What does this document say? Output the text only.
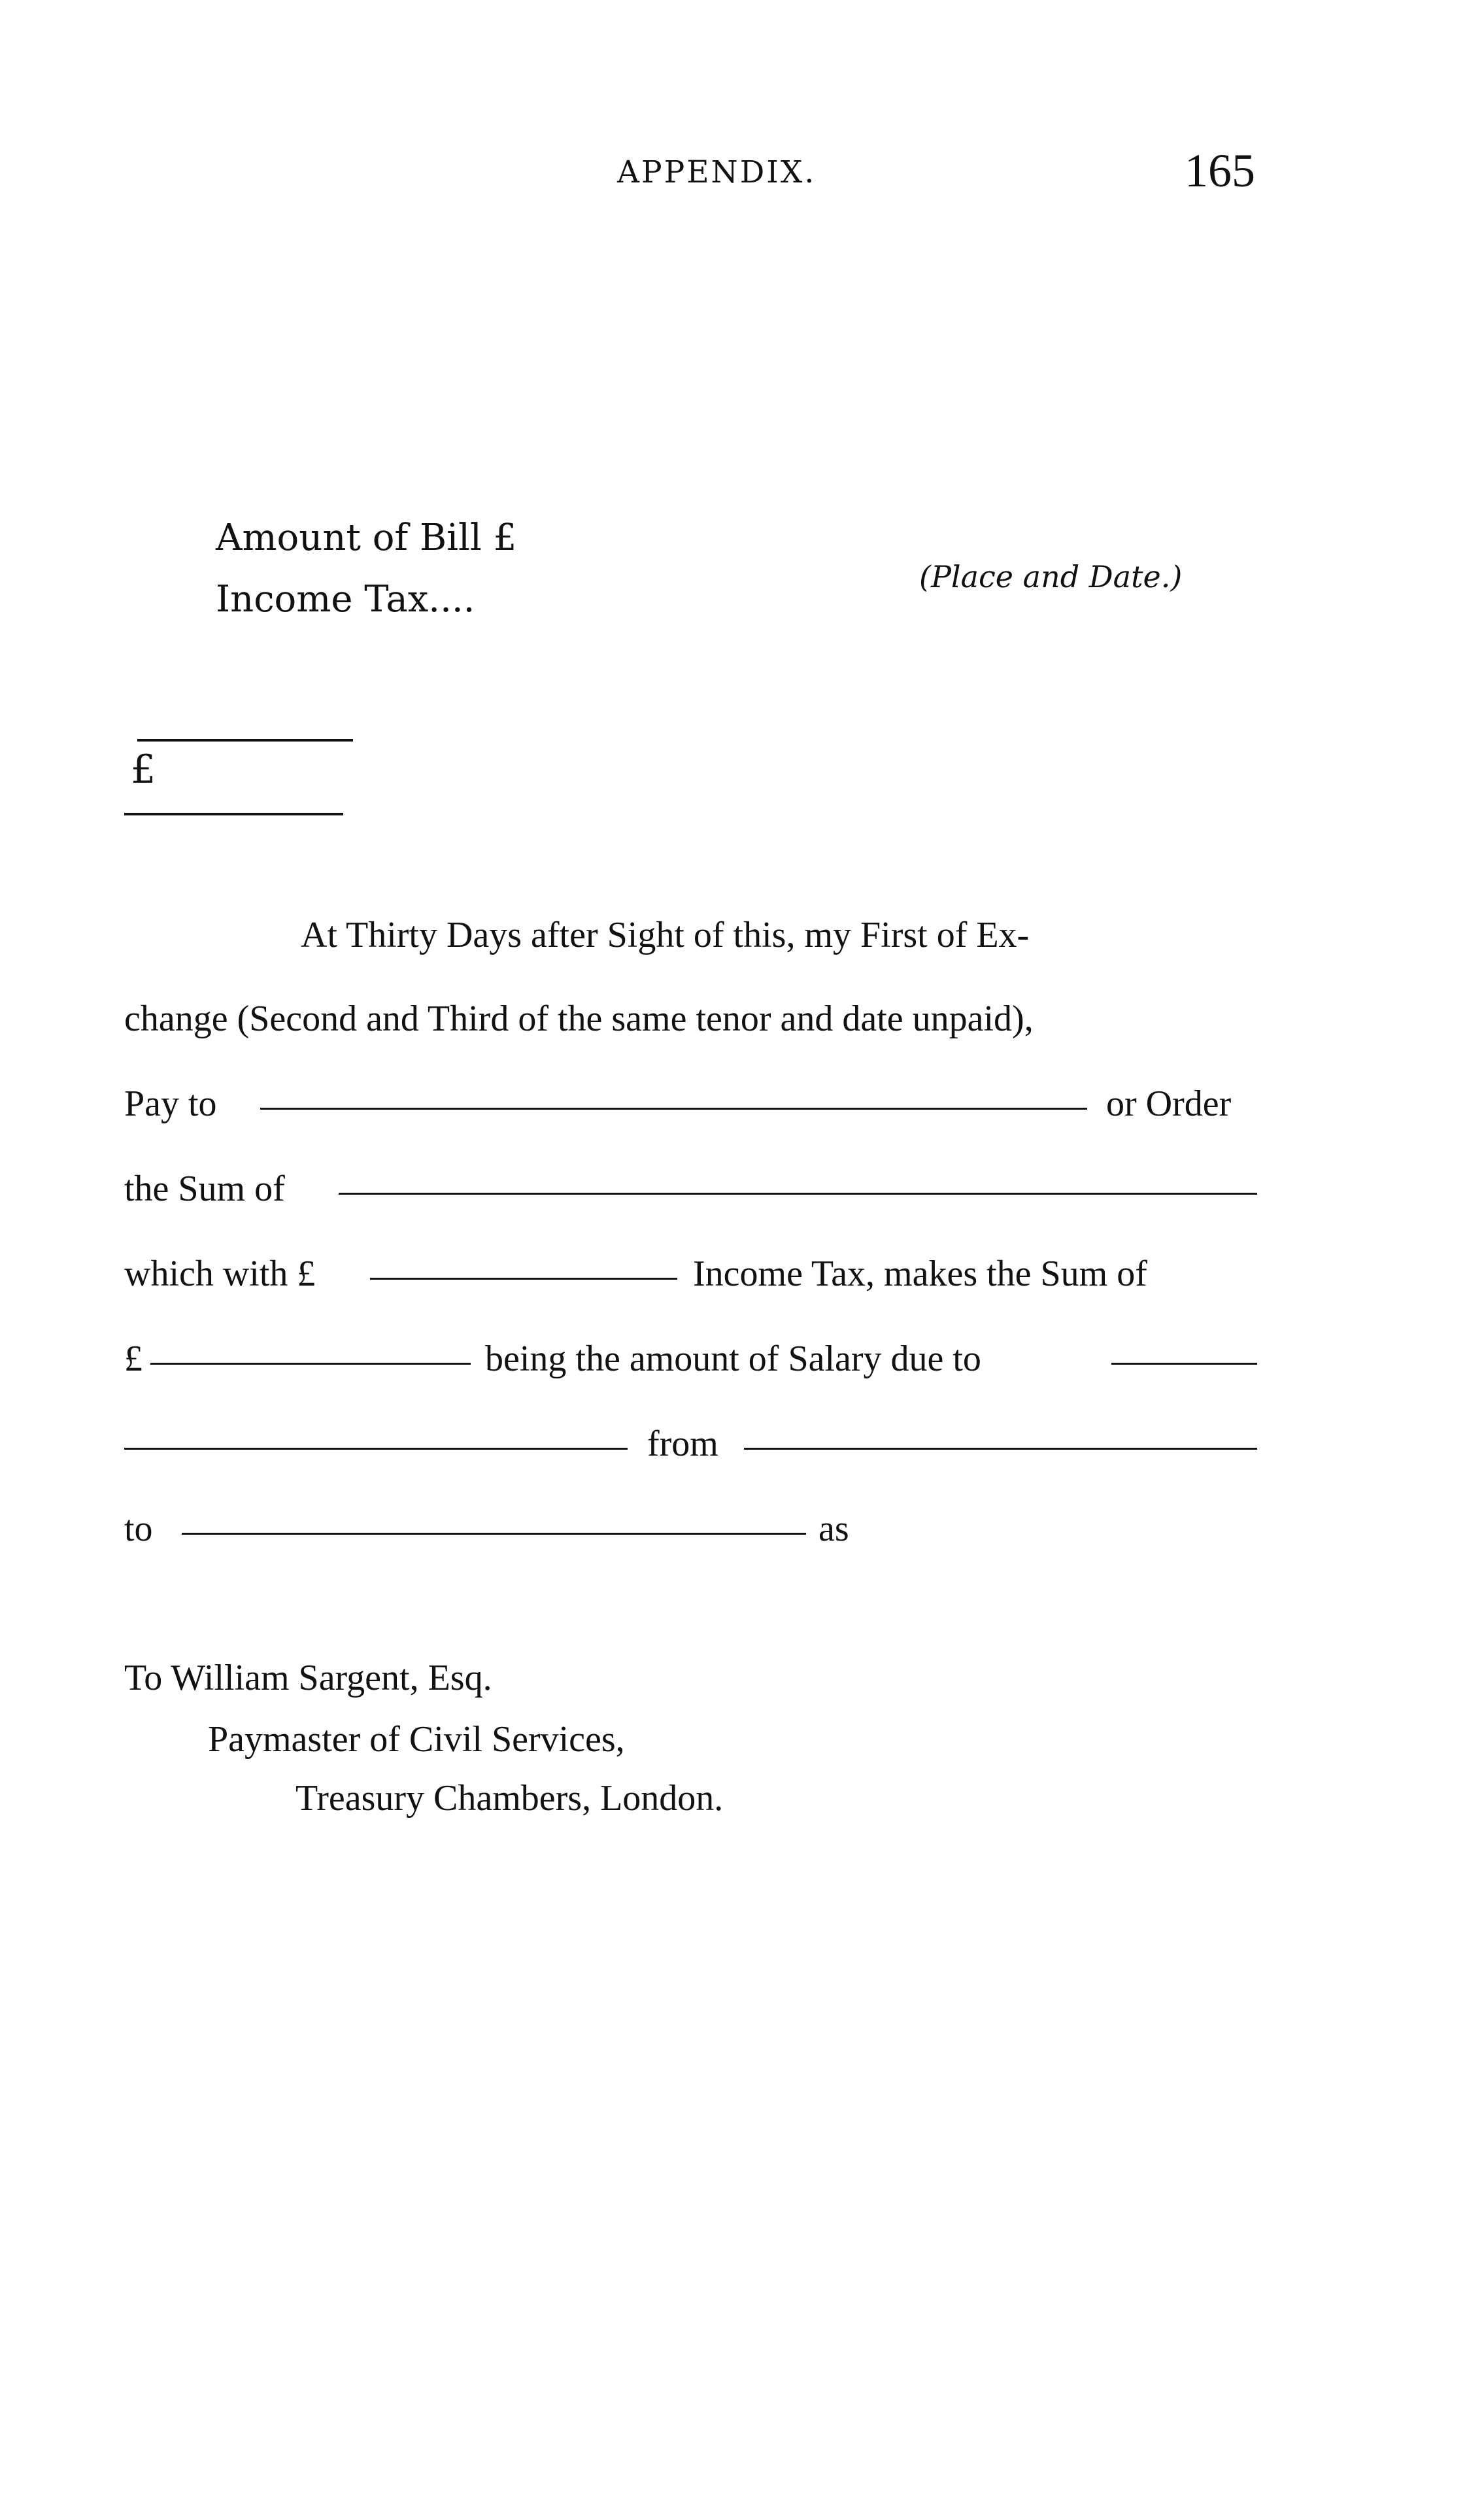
APPENDIX.	165
Amount of Bill £
Income Tax....
(Place and Date.)
£
At Thirty Days after Sight of this, my First of Ex-
change (Second and Third of the same tenor and date unpaid),
Pay to	or Order
the Sum of
which with £	Income Tax, makes the Sum of
£	being the amount of Salary due to
from
to	as
To William Sargent, Esq.
Paymaster of Civil Services,
Treasury Chambers, London.
